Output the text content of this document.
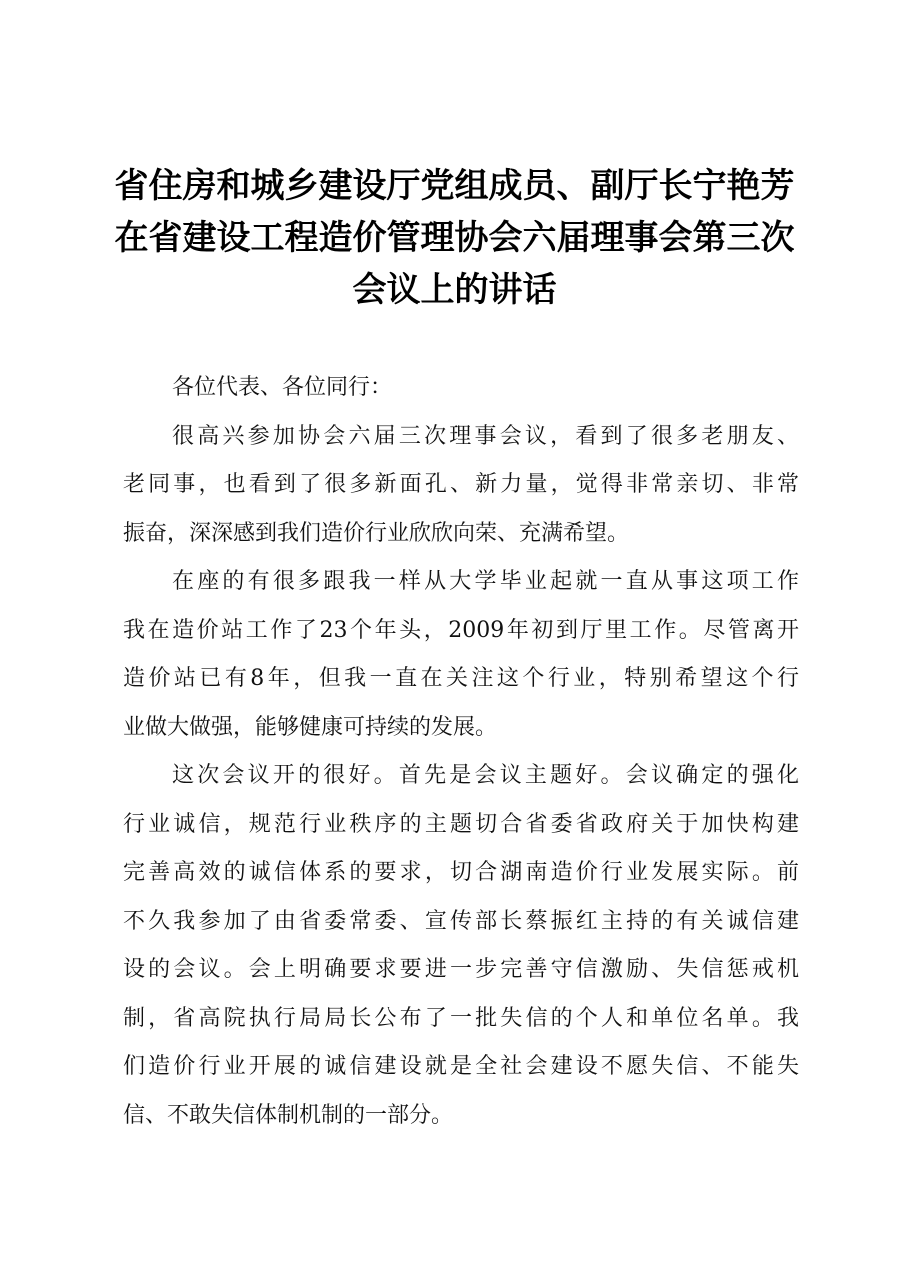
省住房和城乡建设厅党组成员、副厅长宁艳芳
在省建设工程造价管理协会六届理事会第三次
会议上的讲话
各位代表、各位同行：
很高兴参加协会六届三次理事会议，看到了很多老朋友、
老同事，也看到了很多新面孔、新力量，觉得非常亲切、非常
振奋，深深感到我们造价行业欣欣向荣、充满希望。
在座的有很多跟我一样从大学毕业起就一直从事这项工作
我在造价站工作了23个年头，2009年初到厅里工作。尽管离开
造价站已有8年，但我一直在关注这个行业，特别希望这个行
业做大做强，能够健康可持续的发展。
这次会议开的很好。首先是会议主题好。会议确定的强化
行业诚信，规范行业秩序的主题切合省委省政府关于加快构建
完善高效的诚信体系的要求，切合湖南造价行业发展实际。前
不久我参加了由省委常委、宣传部长蔡振红主持的有关诚信建
设的会议。会上明确要求要进一步完善守信激励、失信惩戒机
制，省高院执行局局长公布了一批失信的个人和单位名单。我
们造价行业开展的诚信建设就是全社会建设不愿失信、不能失
信、不敢失信体制机制的一部分。
